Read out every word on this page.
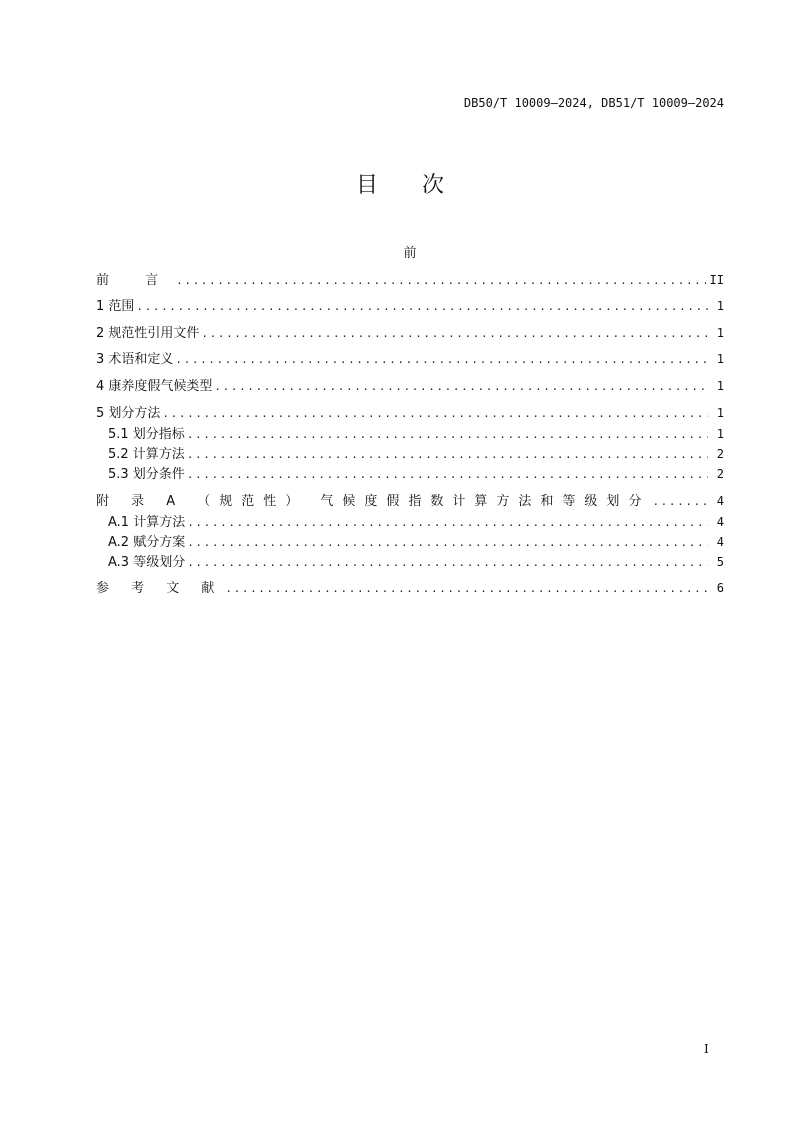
DB50/T 10009—2024, DB51/T 10009—2024
目 次
前
前 言 .....	II
1 范围 .....	1
2 规范性引用文件 .....	1
3 术语和定义 .....	1
4 康养度假气候类型 .....	1
5 划分方法 .....	1
5.1 划分指标 .....	1
5.2 计算方法 .....	2
5.3 划分条件 .....	2
附 录 A （规范性） 气候度假指数计算方法和等级划分 .....	4
A.1 计算方法 .....	4
A.2 赋分方案 .....	4
A.3 等级划分 .....	5
参 考 文 献 .....	6
I
